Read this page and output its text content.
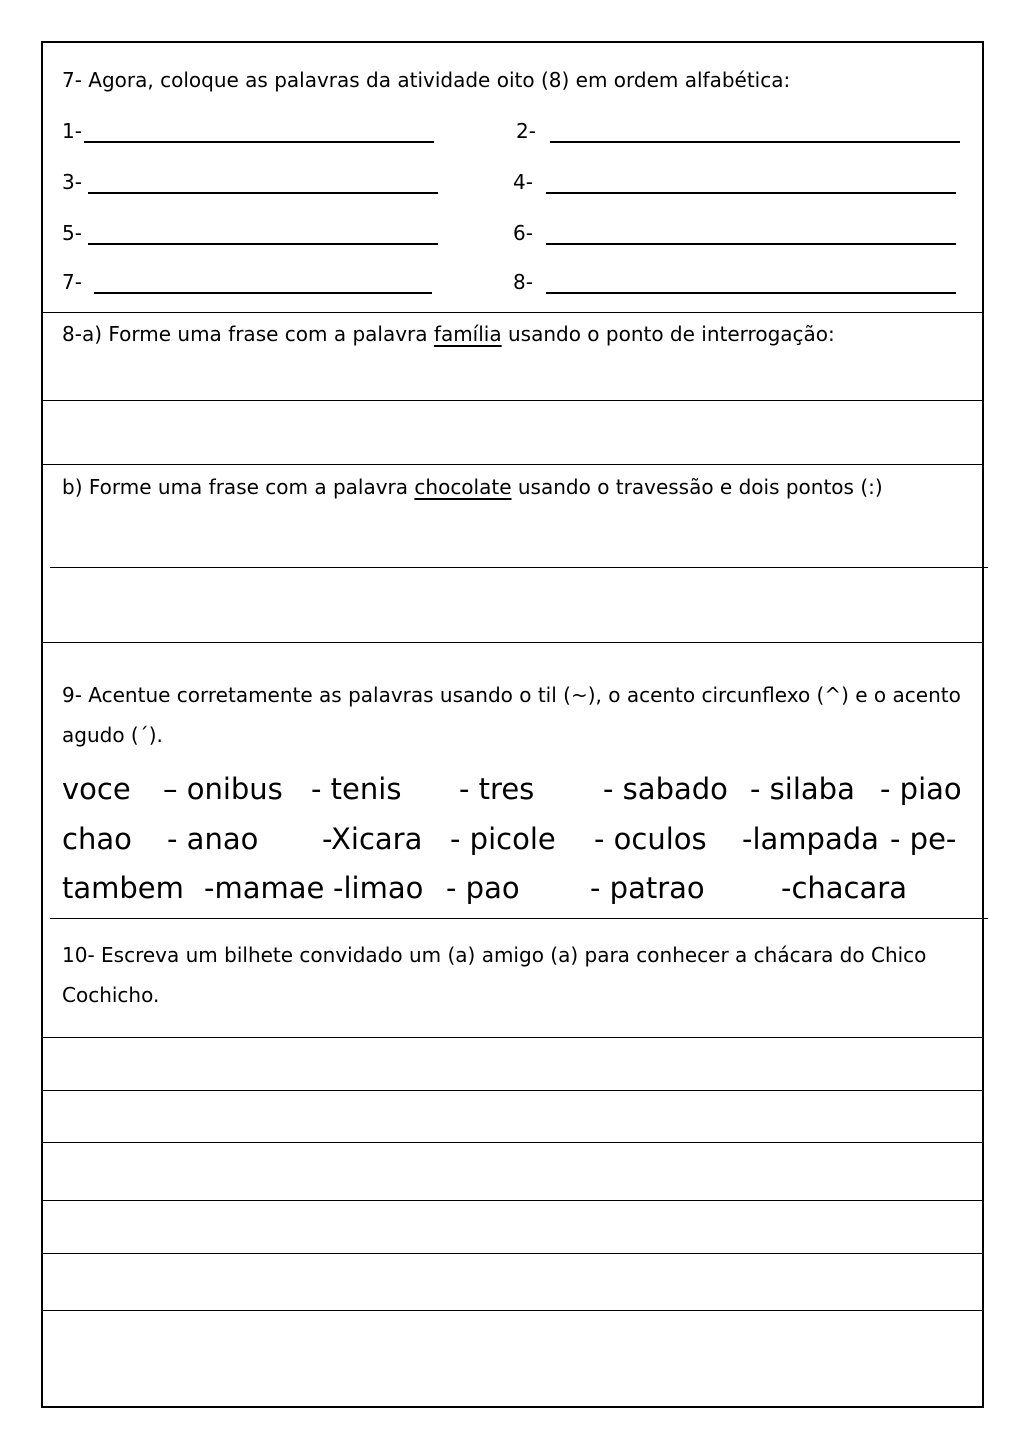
7- Agora, coloque as palavras da atividade oito (8) em ordem alfabética:
1-	2-
3-	4-
5-	6-
7-	8-
8-a) Forme uma frase com a palavra família usando o ponto de interrogação:
b) Forme uma frase com a palavra chocolate usando o travessão e dois pontos (:)
9- Acentue corretamente as palavras usando o til (~), o acento circunflexo (^) e o acento agudo (´).
voce – onibus - tenis - tres - sabado - silaba - piao
chao - anao -Xicara - picole - oculos -lampada - pe-
tambem -mamae -limao - pao - patrao	-chacara
10- Escreva um bilhete convidado um (a) amigo (a) para conhecer a chácara do Chico Cochicho.
